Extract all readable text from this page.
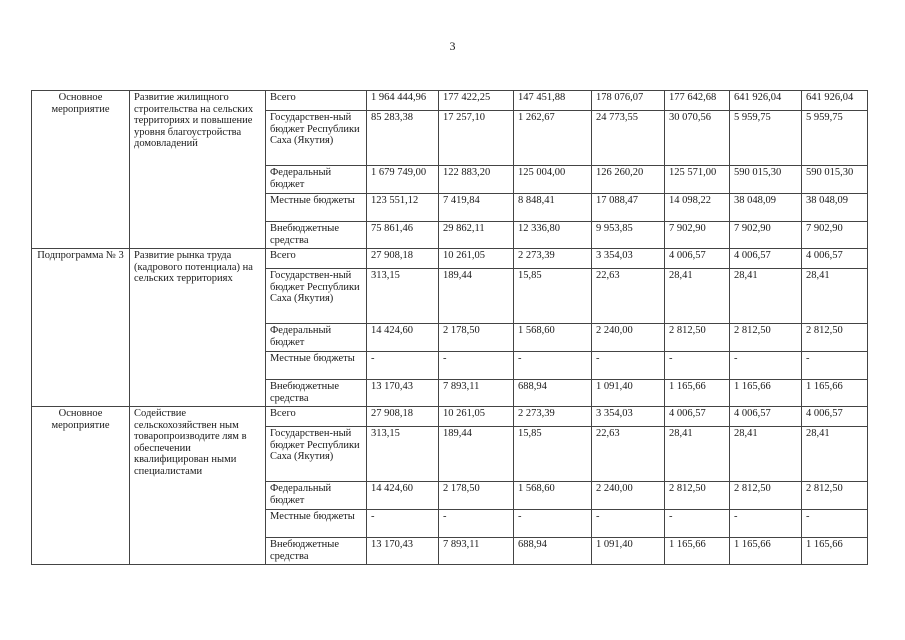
3
Основное мероприятие	Развитие жилищного строительства на сельских территориях и повышение уровня благоустройства домовладений	Всего	1 964 444,96	177 422,25	147 451,88	178 076,07	177 642,68	641 926,04	641 926,04
		Государствен-ный бюджет Республики Саха (Якутия)	85 283,38	17 257,10	1 262,67	24 773,55	30 070,56	5 959,75	5 959,75
		Федеральный бюджет	1 679 749,00	122 883,20	125 004,00	126 260,20	125 571,00	590 015,30	590 015,30
		Местные бюджеты	123 551,12	7 419,84	8 848,41	17 088,47	14 098,22	38 048,09	38 048,09
		Внебюджетные средства	75 861,46	29 862,11	12 336,80	9 953,85	7 902,90	7 902,90	7 902,90
Подпрограмма № 3	Развитие рынка труда (кадрового потенциала) на сельских территориях	Всего	27 908,18	10 261,05	2 273,39	3 354,03	4 006,57	4 006,57	4 006,57
		Государствен-ный бюджет Республики Саха (Якутия)	313,15	189,44	15,85	22,63	28,41	28,41	28,41
		Федеральный бюджет	14 424,60	2 178,50	1 568,60	2 240,00	2 812,50	2 812,50	2 812,50
		Местные бюджеты	-	-	-	-	-	-	-
		Внебюджетные средства	13 170,43	7 893,11	688,94	1 091,40	1 165,66	1 165,66	1 165,66
Основное мероприятие	Содействие сельскохозяйствен ным товаропроизводите лям в обеспечении квалифицирован ными специалистами	Всего	27 908,18	10 261,05	2 273,39	3 354,03	4 006,57	4 006,57	4 006,57
		Государствен-ный бюджет Республики Саха (Якутия)	313,15	189,44	15,85	22,63	28,41	28,41	28,41
		Федеральный бюджет	14 424,60	2 178,50	1 568,60	2 240,00	2 812,50	2 812,50	2 812,50
		Местные бюджеты	-	-	-	-	-	-	-
		Внебюджетные средства	13 170,43	7 893,11	688,94	1 091,40	1 165,66	1 165,66	1 165,66
